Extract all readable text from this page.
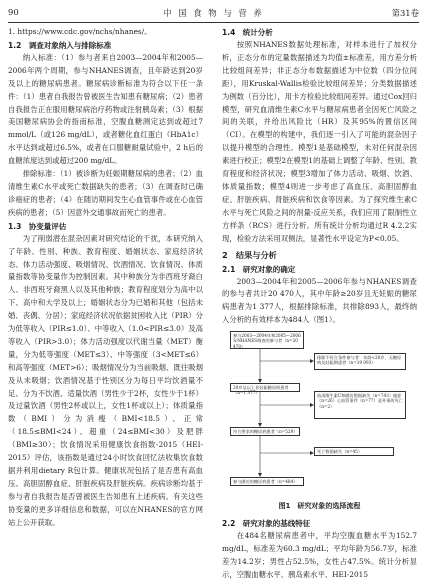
90	中 国 食 物 与 营 养	第31卷

1. https://www.cdc.gov/nchs/nhanes/。

1.2　调查对象纳入与排除标准

纳入标准：（1）参与者来自2003—2004年和2005—2006年两个周期，参与NHANES调查，且年龄达到20岁及以上的糖尿病患者。糖尿病诊断标准为符合以下任一条件：（1）患者自我报告曾被医生告知患有糖尿病；（2）患者自我报告正在服用糖尿病治疗药物或注射胰岛素；（3）根据美国糖尿病协会的指南标准，空腹血糖测定达到或超过7 mmol/L（或126 mg/dL），或者糖化血红蛋白（HbA1c）水平达到或超过6.5%，或者在口服糖耐量试验中，2 h后的血糖浓度达到或超过200 mg/dL。

排除标准：（1）被诊断为妊娠期糖尿病的患者；（2）血清维生素C水平或死亡数据缺失的患者；（3）在调查时已确诊癌症的患者；（4）在随访期间发生心血管事件或在心血管疾病的患者；（5）因意外交通事故而死亡的患者。

1.3　协变量评估

为了削弱潜在混杂因素对研究结论的干扰，本研究纳入了年龄、性别、种族、教育程度、婚姻状态、家庭经济状态、体力活动强度、吸烟情况、饮酒情况、饮食情况、体质量指数等协变量作为控制因素。其中种族分为非西班牙裔白人、非西班牙裔黑人以及其他种族；教育程度划分为高中以下、高中和大学及以上；婚姻状态分为已婚和其他（包括未婚、丧偶、分居）；家庭经济状况依据贫困收入比（PIR）分为低等收入（PIR≤1.0）、中等收入（1.0<PIR≤3.0）及高等收入（PIR>3.0）；体力活动强度以代谢当量（MET）衡量，分为低等强度（MET≤3）、中等强度（3<MET≤6）和高等强度（MET>6）；吸烟情况分为当前吸烟、既往吸烟及从未吸烟；饮酒情况基于性别区分为每日平均饮酒量不足、分为不饮酒、适量饮酒（男性少于2杯，女性少于1杯）及过量饮酒（男性2杯或以上，女性1杯或以上）；体质量指数（BMI）分为消瘦（BMI<18.5）、正常（18.5≤BMI<24）、超重（24≤BMI<30）及肥胖（BMI≥30）；饮食情况采用健康饮食指数-2015（HEI-2015）评估，该指数是通过24小时饮食回忆法收集饮食数据并利用dietary R包计算。健康状况包括了是否患有高血压、高胆固醇血症、肝脏疾病及肝脏疾病。疾病诊断均基于参与者自我报告是否曾被医生告知患有上述疾病。有关这些协变量的更多详细信息和数据，可以在NHANES的官方网站上公开获取。

1.4　统计分析

按照NHANES数据处理标准，对样本进行了加权分析，正态分布的定量数据描述为均值±标准差，用方差分析比较组间差异；非正态分布数据描述为中位数（四分位间距），用Kruskal-Wallis检验比较组间差异；分类数据描述为例数（百分比），用卡方检验比较组间差异。通过Cox回归模型，研究血清维生素C水平与糖尿病患者全因死亡风险之间的关联，并给出风险比（HR）及其95%的置信区间（CI）。在模型的构建中，我们逐一引入了可能的混杂因子以提升模型的合理性。模型1是基础模型，未对任何混杂因素进行校正；模型2在模型1的基础上调整了年龄、性别、教育程度和经济状况；模型3增加了体力活动、吸烟、饮酒、体质量指数；模型4则进一步考虑了高血压、高胆固醇血症、肝脏疾病、肾脏疾病和饮食等因素。为了探究维生素C水平与死亡风险之间的剂量-反应关系，我们应用了限制性立方样条（RCS）进行分析。所有统计分析均通过R 4.2.2实现，检验方法采用双侧法，显著性水平设定为P<0.05。

2　结果与分析
2.1　研究对象的确定

2003—2004年和2005—2006年参与NHANES调查的参与者共计20 470人，其中年龄≥20岁且无妊娠的糖尿病患者为1 377人，根据排除标准，共排除893人，最终纳入分析的有效样本为484人（图1）。

参与2003—2004年和2005—2006年NHANES调查的参与者（n=20 470）
排除不符合条件参与者：年龄<20岁，无糖尿病及妊娠期患者（n=19 093）
20岁及以上非妊娠糖尿病患者（n=1 377）
血清维生素C和随访数据缺失（n=743）癌症（n=26）心血管事件（n=77）意外事故死亡（n=2）
符合要求的糖尿病患者（n=529）
死亡数据缺失（n=45）
参与随访的糖尿病患者（n=484）
图1　研究对象的选择流程
2.2　研究对象的基线特征

在484名糖尿病患者中，平均空腹血糖水平为152.7 mg/dL，标准差为60.3 mg/dL；平均年龄为56.7岁，标准差为14.2岁；男性占52.5%，女性占47.5%。统计分析显示，空腹血糖水平、胰岛素水平、HEI-2015
